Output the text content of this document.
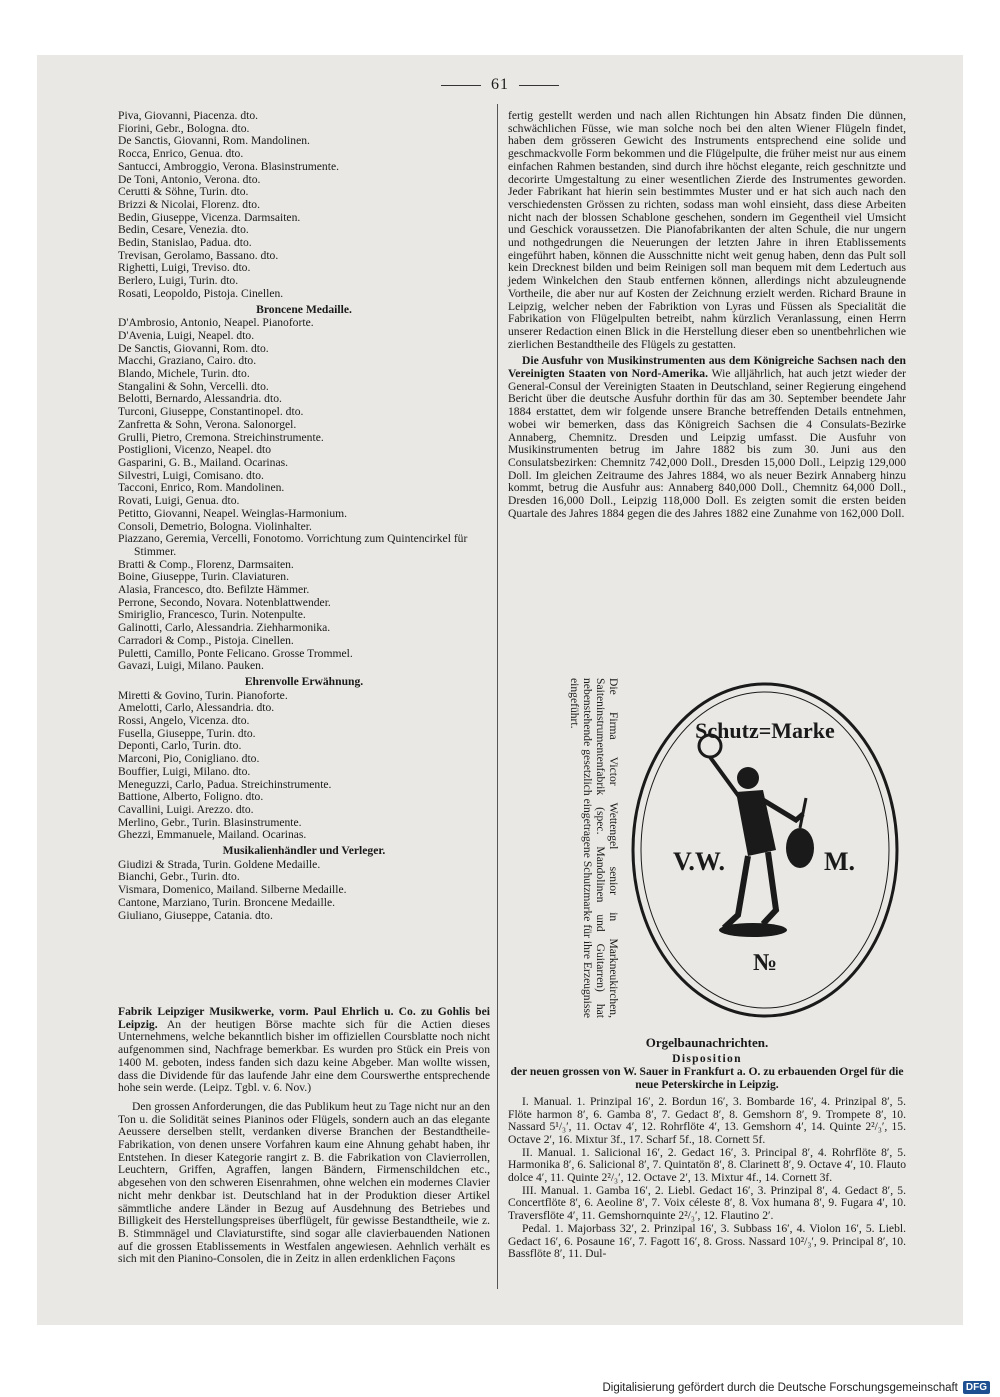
61
Piva, Giovanni, Piacenza. dto.
Fiorini, Gebr., Bologna. dto.
De Sanctis, Giovanni, Rom. Mandolinen.
Rocca, Enrico, Genua. dto.
Santucci, Ambroggio, Verona. Blasinstrumente.
De Toni, Antonio, Verona. dto.
Cerutti & Söhne, Turin. dto.
Brizzi & Nicolai, Florenz. dto.
Bedin, Giuseppe, Vicenza. Darmsaiten.
Bedin, Cesare, Venezia. dto.
Bedin, Stanislao, Padua. dto.
Trevisan, Gerolamo, Bassano. dto.
Righetti, Luigi, Treviso. dto.
Berlero, Luigi, Turin. dto.
Rosati, Leopoldo, Pistoja. Cinellen.
Broncene Medaille.
D'Ambrosio, Antonio, Neapel. Pianoforte.
D'Avenia, Luigi, Neapel. dto.
De Sanctis, Giovanni, Rom. dto.
Macchi, Graziano, Cairo. dto.
Blando, Michele, Turin. dto.
Stangalini & Sohn, Vercelli. dto.
Belotti, Bernardo, Alessandria. dto.
Turconi, Giuseppe, Constantinopel. dto.
Zanfretta & Sohn, Verona. Salonorgel.
Grulli, Pietro, Cremona. Streichinstrumente.
Postiglioni, Vicenzo, Neapel. dto
Gasparini, G. B., Mailand. Ocarinas.
Silvestri, Luigi, Comisano. dto.
Tacconi, Enrico, Rom. Mandolinen.
Rovati, Luigi, Genua. dto.
Petitto, Giovanni, Neapel. Weinglas-Harmonium.
Consoli, Demetrio, Bologna. Violinhalter.
Piazzano, Geremia, Vercelli, Fonotomo. Vorrichtung zum Quintencirkel für Stimmer.
Bratti & Comp., Florenz, Darmsaiten.
Boine, Giuseppe, Turin. Claviaturen.
Alasia, Francesco, dto. Befilzte Hämmer.
Perrone, Secondo, Novara. Notenblattwender.
Smiriglio, Francesco, Turin. Notenpulte.
Galinotti, Carlo, Alessandria. Ziehharmonika.
Carradori & Comp., Pistoja. Cinellen.
Puletti, Camillo, Ponte Felicano. Grosse Trommel.
Gavazi, Luigi, Milano. Pauken.
Ehrenvolle Erwähnung.
Miretti & Govino, Turin. Pianoforte.
Amelotti, Carlo, Alessandria. dto.
Rossi, Angelo, Vicenza. dto.
Fusella, Giuseppe, Turin. dto.
Deponti, Carlo, Turin. dto.
Marconi, Pio, Conigliano. dto.
Bouffier, Luigi, Milano. dto.
Meneguzzi, Carlo, Padua. Streichinstrumente.
Battione, Alberto, Foligno. dto.
Cavallini, Luigi. Arezzo. dto.
Merlino, Gebr., Turin. Blasinstrumente.
Ghezzi, Emmanuele, Mailand. Ocarinas.
Musikalienhändler und Verleger.
Giudizi & Strada, Turin. Goldene Medaille.
Bianchi, Gebr., Turin. dto.
Vismara, Domenico, Mailand. Silberne Medaille.
Cantone, Marziano, Turin. Broncene Medaille.
Giuliano, Giuseppe, Catania. dto.

Fabrik Leipziger Musikwerke, vorm. Paul Ehrlich u. Co. zu Gohlis bei Leipzig. An der heutigen Börse machte sich für die Actien dieses Unternehmens, welche bekanntlich bisher im offiziellen Coursblatte noch nicht aufgenommen sind, Nachfrage bemerkbar. Es wurden pro Stück ein Preis von 1400 M. geboten, indess fanden sich dazu keine Abgeber. Man wollte wissen, dass die Dividende für das laufende Jahr eine dem Courswerthe entsprechende hohe sein werde. (Leipz. Tgbl. v. 6. Nov.)

Den grossen Anforderungen, die das Publikum heut zu Tage nicht nur an den Ton u. die Solidität seines Pianinos oder Flügels, sondern auch an das elegante Aeussere derselben stellt, verdanken diverse Branchen der Bestandtheile-Fabrikation, von denen unsere Vorfahren kaum eine Ahnung gehabt haben, ihr Entstehen. In dieser Kategorie rangirt z. B. die Fabrikation von Clavierrollen, Leuchtern, Griffen, Agraffen, langen Bändern, Firmenschildchen etc., abgesehen von den schweren Eisenrahmen, ohne welchen ein modernes Clavier nicht mehr denkbar ist. Deutschland hat in der Produktion dieser Artikel sämmtliche andere Länder in Bezug auf Ausdehnung des Betriebes und Billigkeit des Herstellungspreises überflügelt, für gewisse Bestandtheile, wie z. B. Stimmnägel und Claviaturstifte, sind sogar alle clavierbauenden Nationen auf die grossen Etablissements in Westfalen angewiesen. Aehnlich verhält es sich mit den Pianino-Consolen, die in Zeitz in allen erdenklichen Façons

fertig gestellt werden und nach allen Richtungen hin Absatz finden Die dünnen, schwächlichen Füsse, wie man solche noch bei den alten Wiener Flügeln findet, haben dem grösseren Gewicht des Instruments entsprechend eine solide und geschmackvolle Form bekommen und die Flügelpulte, die früher meist nur aus einem einfachen Rahmen bestanden, sind durch ihre höchst elegante, reich geschnitzte und decorirte Umgestaltung zu einer wesentlichen Zierde des Instrumentes geworden. Jeder Fabrikant hat hierin sein bestimmtes Muster und er hat sich auch nach den verschiedensten Grössen zu richten, sodass man wohl einsieht, dass diese Arbeiten nicht nach der blossen Schablone geschehen, sondern im Gegentheil viel Umsicht und Geschick voraussetzen. Die Pianofabrikanten der alten Schule, die nur ungern und nothgedrungen die Neuerungen der letzten Jahre in ihren Etablissements eingeführt haben, können die Ausschnitte nicht weit genug haben, denn das Pult soll kein Drecknest bilden und beim Reinigen soll man bequem mit dem Ledertuch aus jedem Winkelchen den Staub entfernen können, allerdings nicht abzuleugnende Vortheile, die aber nur auf Kosten der Zeichnung erzielt werden. Richard Braune in Leipzig, welcher neben der Fabriktion von Lyras und Füssen als Specialität die Fabrikation von Flügelpulten betreibt, nahm kürzlich Veranlassung, einen Herrn unserer Redaction einen Blick in die Herstellung dieser eben so unentbehrlichen wie zierlichen Bestandtheile des Flügels zu gestatten.

Die Ausfuhr von Musikinstrumenten aus dem Königreiche Sachsen nach den Vereinigten Staaten von Nord-Amerika. Wie alljährlich, hat auch jetzt wieder der General-Consul der Vereinigten Staaten in Deutschland, seiner Regierung eingehend Bericht über die deutsche Ausfuhr dorthin für das am 30. September beendete Jahr 1884 erstattet, dem wir folgende unsere Branche betreffenden Details entnehmen, wobei wir bemerken, dass das Königreich Sachsen die 4 Consulats-Bezirke Annaberg, Chemnitz. Dresden und Leipzig umfasst. Die Ausfuhr von Musikinstrumenten betrug im Jahre 1882 bis zum 30. Juni aus den Consulatsbezirken: Chemnitz 742,000 Doll., Dresden 15,000 Doll., Leipzig 129,000 Doll. Im gleichen Zeitraume des Jahres 1884, wo als neuer Bezirk Annaberg hinzu kommt, betrug die Ausfuhr aus: Annaberg 840,000 Doll., Chemnitz 64,000 Doll., Dresden 16,000 Doll., Leipzig 118,000 Doll. Es zeigten somit die ersten beiden Quartale des Jahres 1884 gegen die des Jahres 1882 eine Zunahme von 162,000 Doll.

Die Firma Victor Wettengel senior in Markneukirchen, Saiteninstrumentenfabrik (spec. Mandolinen und Guitarren) hat nebenstehende gesetzlich eingetragene Schutzmarke für ihre Erzeugnisse eingeführt.
Schutz=Marke
V.W.	M.
№
Orgelbaunachrichten.
Disposition

der neuen grossen von W. Sauer in Frankfurt a. O. zu erbauenden Orgel für die neue Peterskirche in Leipzig.

I. Manual. 1. Prinzipal 16′, 2. Bordun 16′, 3. Bombarde 16′, 4. Prinzipal 8′, 5. Flöte harmon 8′, 6. Gamba 8′, 7. Gedact 8′, 8. Gemshorn 8′, 9. Trompete 8′, 10. Nassard 5¹/₃′, 11. Octav 4′, 12. Rohrflöte 4′, 13. Gemshorn 4′, 14. Quinte 2²/₃′, 15. Octave 2′, 16. Mixtur 3f., 17. Scharf 5f., 18. Cornett 5f.

II. Manual. 1. Salicional 16′, 2. Gedact 16′, 3. Principal 8′, 4. Rohrflöte 8′, 5. Harmonika 8′, 6. Salicional 8′, 7. Quintatön 8′, 8. Clarinett 8′, 9. Octave 4′, 10. Flauto dolce 4′, 11. Quinte 2²/₃′, 12. Octave 2′, 13. Mixtur 4f., 14. Cornett 3f.

III. Manual. 1. Gamba 16′, 2. Liebl. Gedact 16′, 3. Prinzipal 8′, 4. Gedact 8′, 5. Concertflöte 8′, 6. Aeoline 8′, 7. Voix céleste 8′, 8. Vox humana 8′, 9. Fugara 4′, 10. Traversflöte 4′, 11. Gemshornquinte 2²/₃′, 12. Flautino 2′.

Pedal. 1. Majorbass 32′, 2. Prinzipal 16′, 3. Subbass 16′, 4. Violon 16′, 5. Liebl. Gedact 16′, 6. Posaune 16′, 7. Fagott 16′, 8. Gross. Nassard 10²/₃′, 9. Principal 8′, 10. Bassflöte 8′, 11. Dul-

Digitalisierung gefördert durch die Deutsche Forschungsgemeinschaft DFG
